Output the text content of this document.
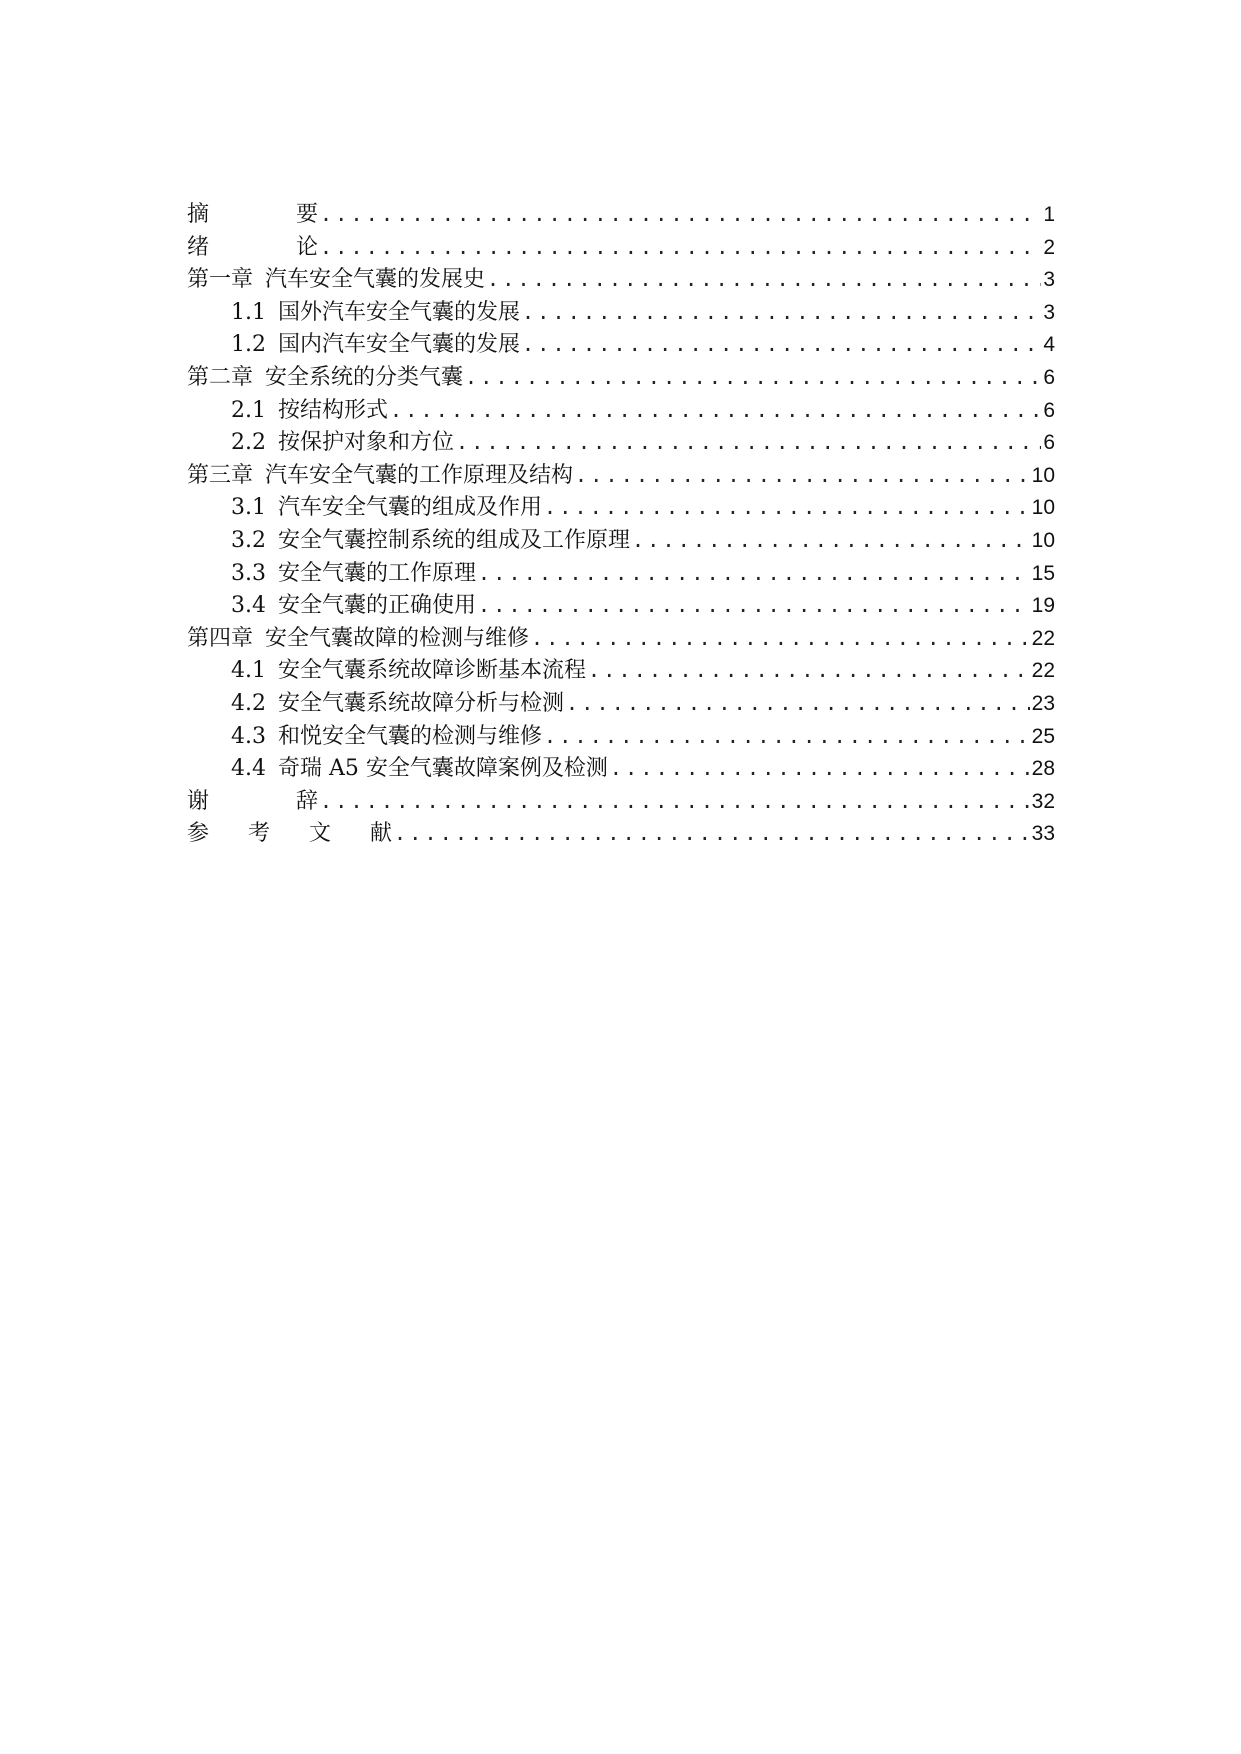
摘 要 .....	1
绪 论 .....	2
第一章 汽车安全气囊的发展史 .....	3
1.1 国外汽车安全气囊的发展 .....	3
1.2 国内汽车安全气囊的发展 .....	4
第二章 安全系统的分类气囊 .....	6
2.1 按结构形式 .....	6
2.2 按保护对象和方位 .....	6
第三章 汽车安全气囊的工作原理及结构 .....	10
3.1 汽车安全气囊的组成及作用 .....	10
3.2 安全气囊控制系统的组成及工作原理 .....	10
3.3 安全气囊的工作原理 .....	15
3.4 安全气囊的正确使用 .....	19
第四章 安全气囊故障的检测与维修 .....	22
4.1 安全气囊系统故障诊断基本流程 .....	22
4.2 安全气囊系统故障分析与检测 .....	23
4.3 和悦安全气囊的检测与维修 .....	25
4.4 奇瑞 A5 安全气囊故障案例及检测 .....	28
谢 辞 .....	32
参 考 文 献 .....	33
